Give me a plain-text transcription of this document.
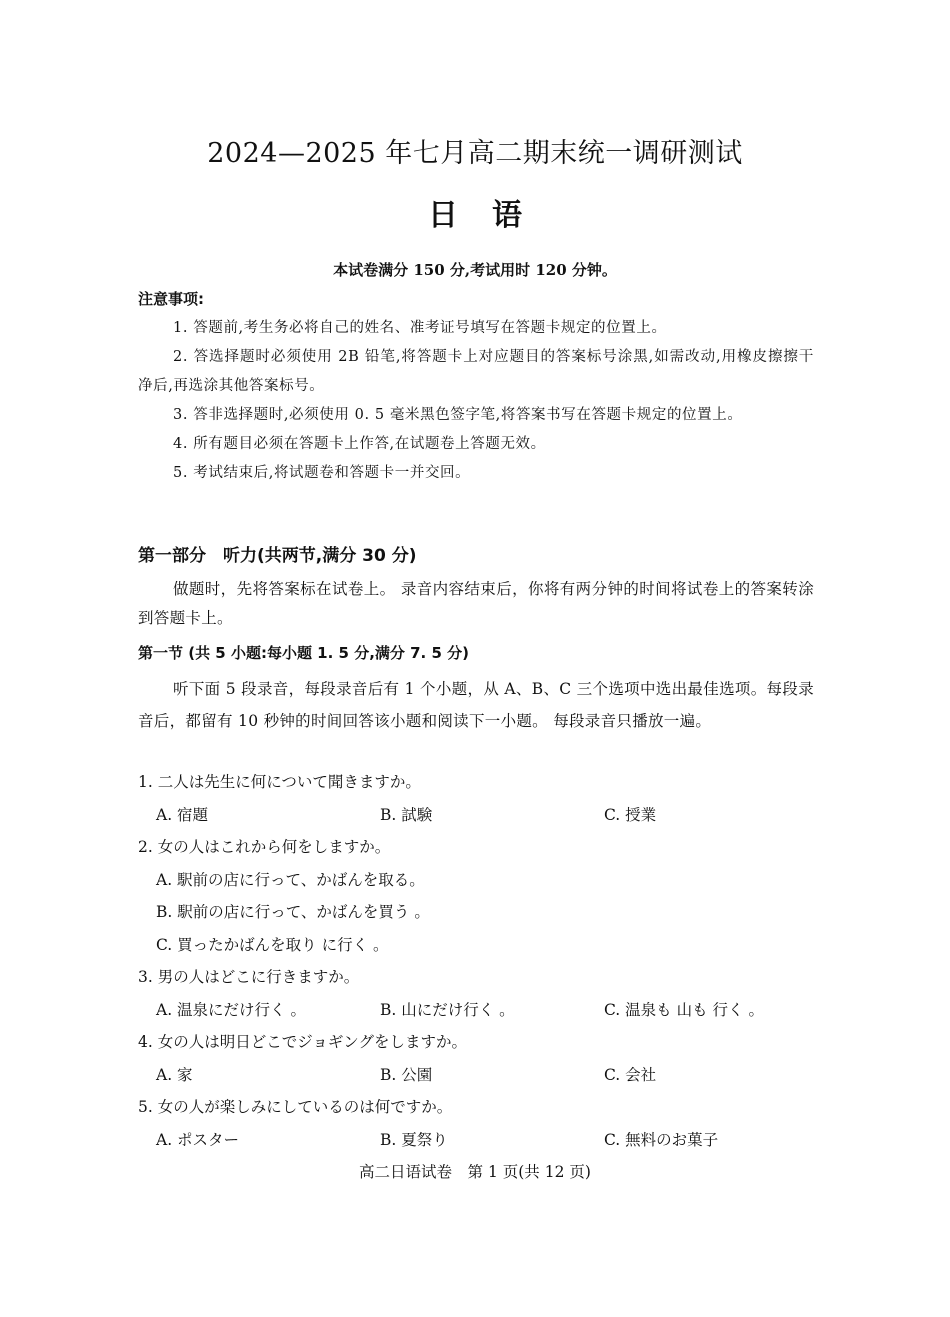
2024—2025 年七月高二期末统一调研测试
日语
本试卷满分 150 分,考试用时 120 分钟。
注意事项:
1. 答题前,考生务必将自己的姓名、准考证号填写在答题卡规定的位置上。
2. 答选择题时必须使用 2B 铅笔,将答题卡上对应题目的答案标号涂黑,如需改动,用橡皮擦擦干净后,再选涂其他答案标号。
3. 答非选择题时,必须使用 0. 5 毫米黑色签字笔,将答案书写在答题卡规定的位置上。
4. 所有题目必须在答题卡上作答,在试题卷上答题无效。
5. 考试结束后,将试题卷和答题卡一并交回。
第一部分　听力(共两节,满分 30 分)
做题时，先将答案标在试卷上。 录音内容结束后，你将有两分钟的时间将试卷上的答案转涂到答题卡上。
第一节 (共 5 小题:每小题 1. 5 分,满分 7. 5 分)
听下面 5 段录音，每段录音后有 1 个小题，从 A、B、C 三个选项中选出最佳选项。每段录音后，都留有 10 秒钟的时间回答该小题和阅读下一小题。 每段录音只播放一遍。
1. 二人は先生に何について聞きますか。
A. 宿題	B. 試験	C. 授業
2. 女の人はこれから何をしますか。
A. 駅前の店に行って、かばんを取る。
B. 駅前の店に行って、かばんを買う 。
C. 買ったかばんを取り に行く 。
3. 男の人はどこに行きますか。
A. 温泉にだけ行く 。	B. 山にだけ行く 。	C. 温泉も 山も 行く 。
4. 女の人は明日どこでジョギングをしますか。
A. 家	B. 公園	C. 会社
5. 女の人が楽しみにしているのは何ですか。
A. ポスター	B. 夏祭り	C. 無料のお菓子
高二日语试卷　第 1 页(共 12 页)
